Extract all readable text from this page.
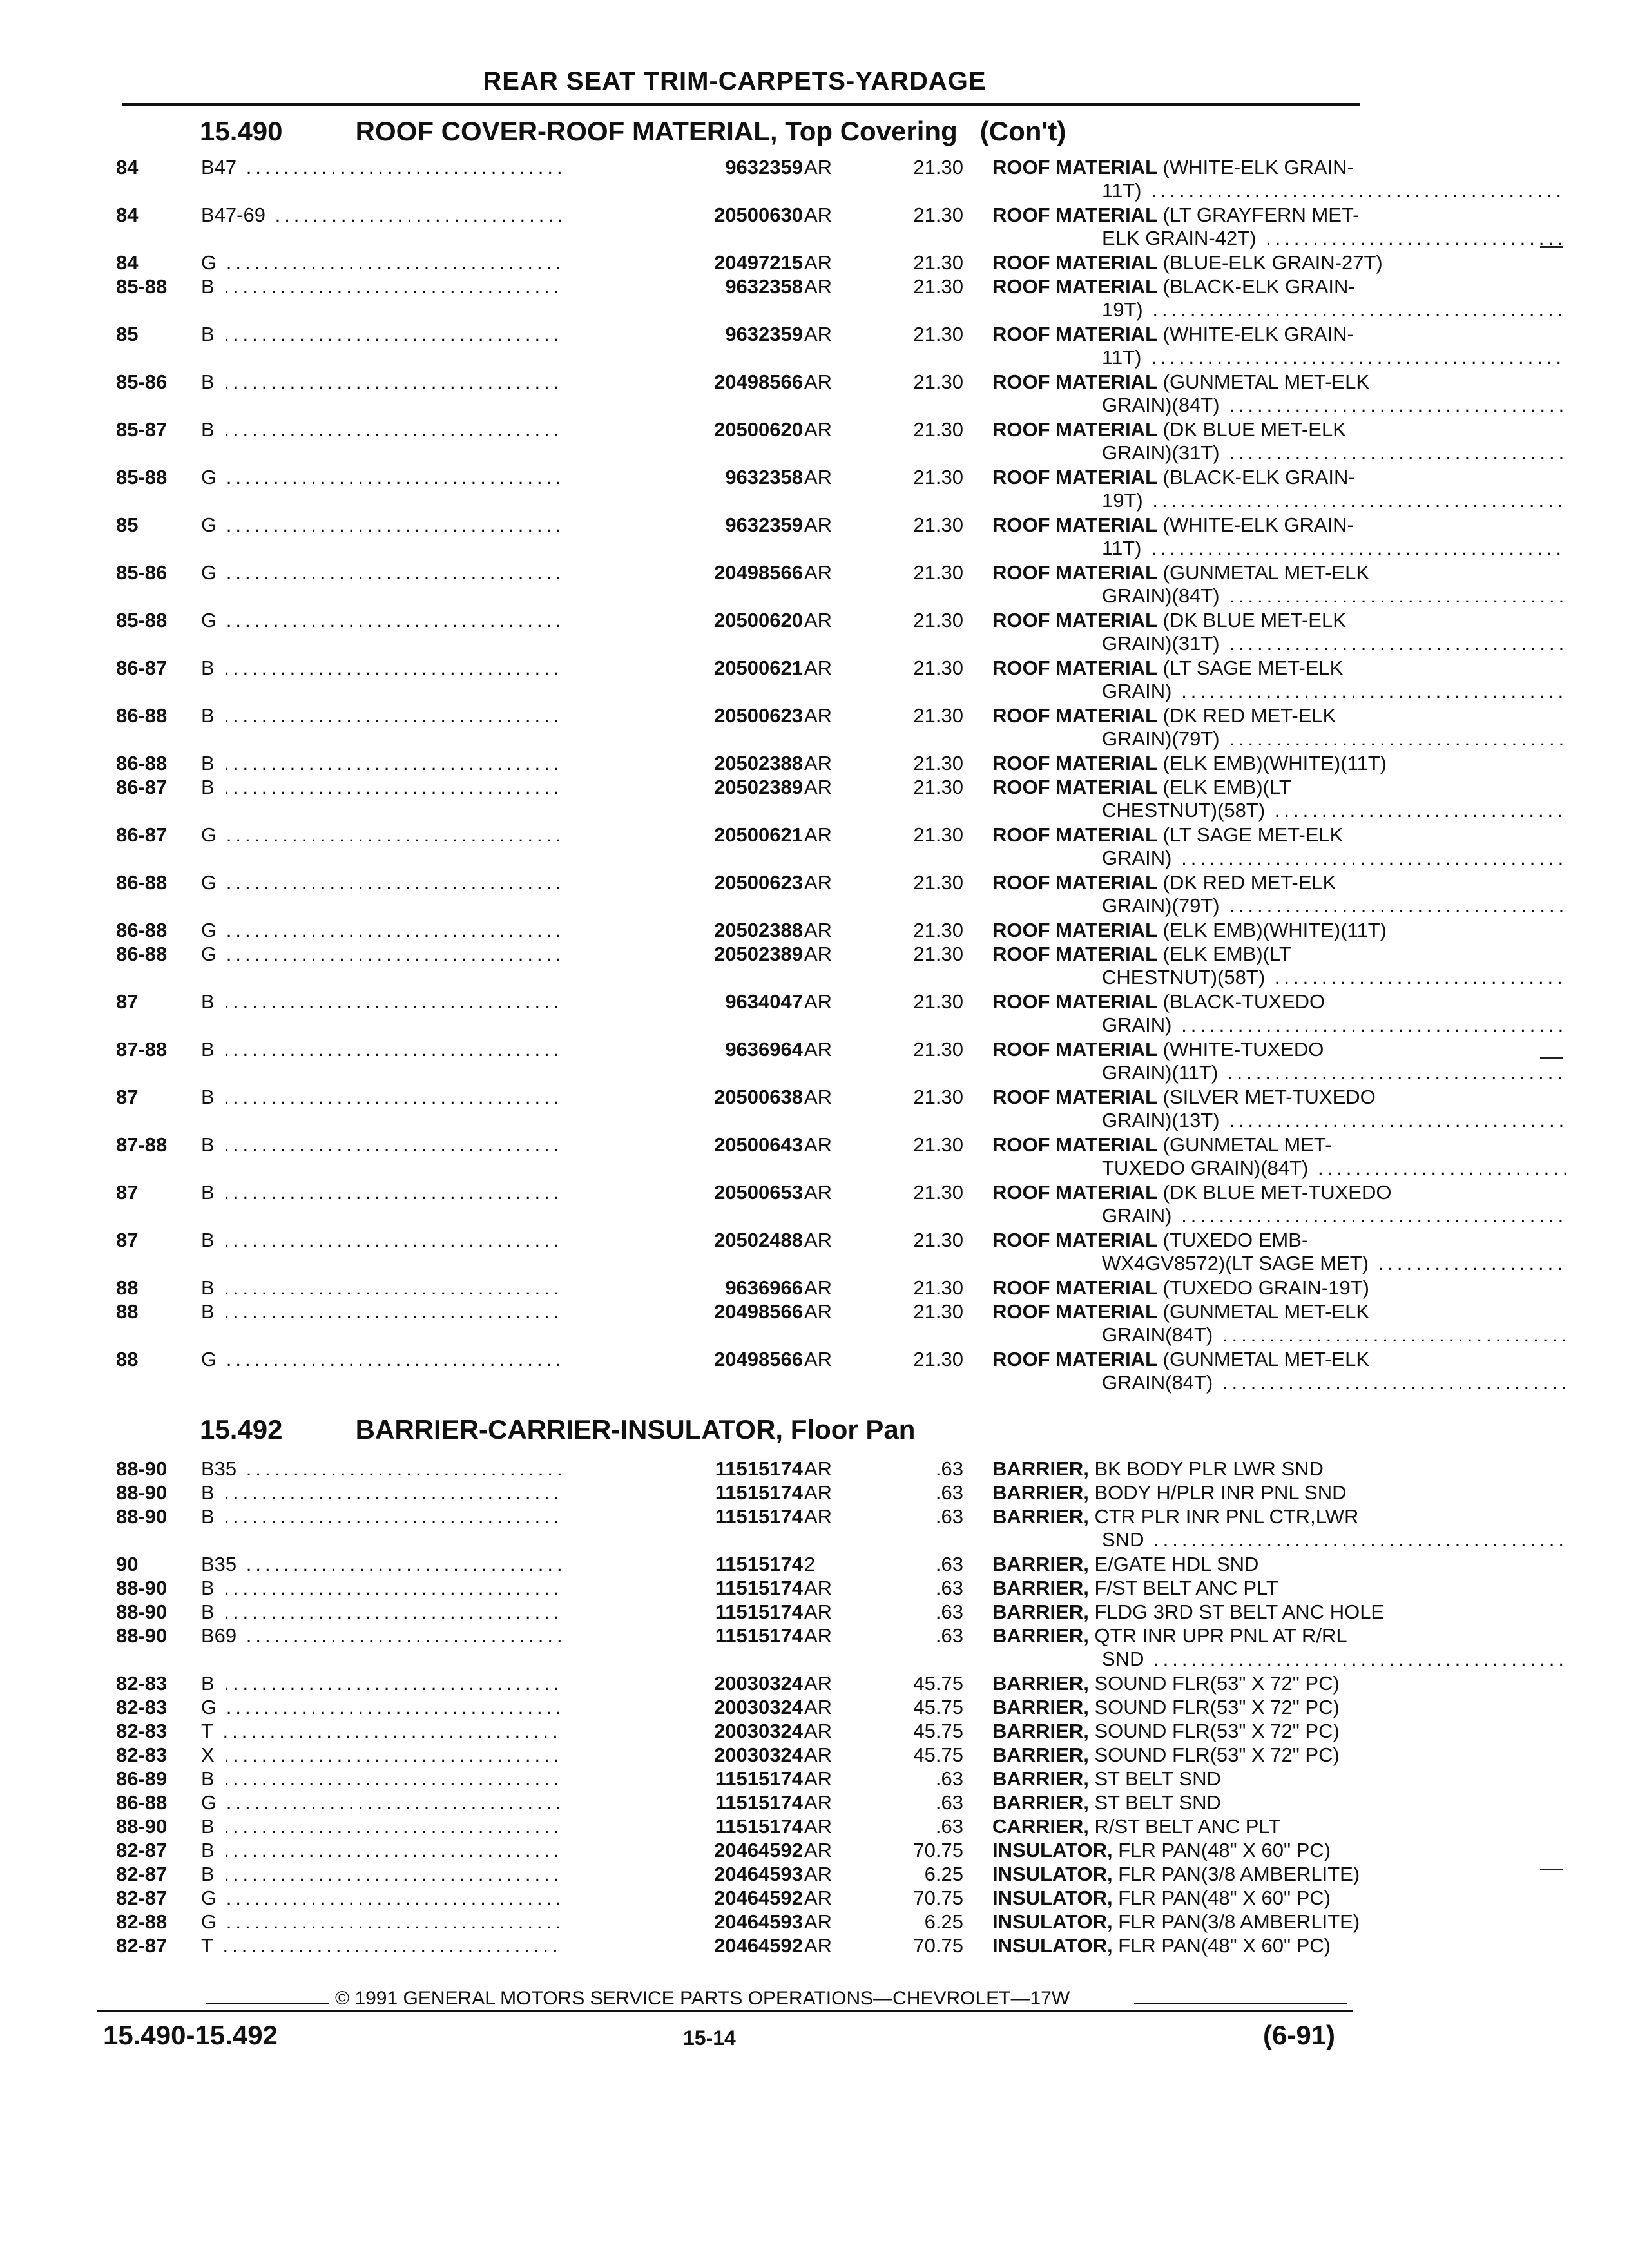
REAR SEAT TRIM-CARPETS-YARDAGE
15.490	ROOF COVER-ROOF MATERIAL, Top Covering (Con't)
84	B47 .....	9632359 AR	21.30 ROOF MATERIAL (WHITE-ELK GRAIN-
11T) .....
84	B47-69 .....	20500630 AR	21.30 ROOF MATERIAL (LT GRAYFERN MET-
ELK GRAIN-42T) .....
84	G .....	20497215 AR	21.30 ROOF MATERIAL (BLUE-ELK GRAIN-27T)
85-88	B .....	9632358 AR	21.30 ROOF MATERIAL (BLACK-ELK GRAIN-
19T) .....
85	B .....	9632359 AR	21.30 ROOF MATERIAL (WHITE-ELK GRAIN-
11T) .....
85-86	B .....	20498566 AR	21.30 ROOF MATERIAL (GUNMETAL MET-ELK
GRAIN)(84T) .....
85-87	B .....	20500620 AR	21.30 ROOF MATERIAL (DK BLUE MET-ELK
GRAIN)(31T) .....
85-88	G .....	9632358 AR	21.30 ROOF MATERIAL (BLACK-ELK GRAIN-
19T) .....
85	G .....	9632359 AR	21.30 ROOF MATERIAL (WHITE-ELK GRAIN-
11T) .....
85-86	G .....	20498566 AR	21.30 ROOF MATERIAL (GUNMETAL MET-ELK
GRAIN)(84T) .....
85-88	G .....	20500620 AR	21.30 ROOF MATERIAL (DK BLUE MET-ELK
GRAIN)(31T) .....
86-87	B .....	20500621 AR	21.30 ROOF MATERIAL (LT SAGE MET-ELK
GRAIN) .....
86-88	B .....	20500623 AR	21.30 ROOF MATERIAL (DK RED MET-ELK
GRAIN)(79T) .....
86-88	B .....	20502388 AR	21.30 ROOF MATERIAL (ELK EMB)(WHITE)(11T)
86-87	B .....	20502389 AR	21.30 ROOF MATERIAL (ELK EMB)(LT
CHESTNUT)(58T) .....
86-87	G .....	20500621 AR	21.30 ROOF MATERIAL (LT SAGE MET-ELK
GRAIN) .....
86-88	G .....	20500623 AR	21.30 ROOF MATERIAL (DK RED MET-ELK
GRAIN)(79T) .....
86-88	G .....	20502388 AR	21.30 ROOF MATERIAL (ELK EMB)(WHITE)(11T)
86-88	G .....	20502389 AR	21.30 ROOF MATERIAL (ELK EMB)(LT
CHESTNUT)(58T) .....
87	B .....	9634047 AR	21.30 ROOF MATERIAL (BLACK-TUXEDO
GRAIN) .....
87-88	B .....	9636964 AR	21.30 ROOF MATERIAL (WHITE-TUXEDO
GRAIN)(11T) .....
87	B .....	20500638 AR	21.30 ROOF MATERIAL (SILVER MET-TUXEDO
GRAIN)(13T) .....
87-88	B .....	20500643 AR	21.30 ROOF MATERIAL (GUNMETAL MET-
TUXEDO GRAIN)(84T) .....
87	B .....	20500653 AR	21.30 ROOF MATERIAL (DK BLUE MET-TUXEDO
GRAIN) .....
87	B .....	20502488 AR	21.30 ROOF MATERIAL (TUXEDO EMB-
WX4GV8572)(LT SAGE MET) .....
88	B .....	9636966 AR	21.30 ROOF MATERIAL (TUXEDO GRAIN-19T)
88	B .....	20498566 AR	21.30 ROOF MATERIAL (GUNMETAL MET-ELK
GRAIN(84T) .....
88	G .....	20498566 AR	21.30 ROOF MATERIAL (GUNMETAL MET-ELK
GRAIN(84T) .....
15.492	BARRIER-CARRIER-INSULATOR, Floor Pan
88-90	B35 .....	11515174 AR	.63 BARRIER, BK BODY PLR LWR SND
88-90	B .....	11515174 AR	.63 BARRIER, BODY H/PLR INR PNL SND
88-90	B .....	11515174 AR	.63 BARRIER, CTR PLR INR PNL CTR,LWR
SND .....
90	B35 .....	11515174 2	.63 BARRIER, E/GATE HDL SND
88-90	B .....	11515174 AR	.63 BARRIER, F/ST BELT ANC PLT
88-90	B .....	11515174 AR	.63 BARRIER, FLDG 3RD ST BELT ANC HOLE
88-90	B69 .....	11515174 AR	.63 BARRIER, QTR INR UPR PNL AT R/RL
SND .....
82-83	B .....	20030324 AR	45.75 BARRIER, SOUND FLR(53" X 72" PC)
82-83	G .....	20030324 AR	45.75 BARRIER, SOUND FLR(53" X 72" PC)
82-83	T .....	20030324 AR	45.75 BARRIER, SOUND FLR(53" X 72" PC)
82-83	X .....	20030324 AR	45.75 BARRIER, SOUND FLR(53" X 72" PC)
86-89	B .....	11515174 AR	.63 BARRIER, ST BELT SND
86-88	G .....	11515174 AR	.63 BARRIER, ST BELT SND
88-90	B .....	11515174 AR	.63 CARRIER, R/ST BELT ANC PLT
82-87	B .....	20464592 AR	70.75 INSULATOR, FLR PAN(48" X 60" PC)
82-87	B .....	20464593 AR	6.25 INSULATOR, FLR PAN(3/8 AMBERLITE)
82-87	G .....	20464592 AR	70.75 INSULATOR, FLR PAN(48" X 60" PC)
82-88	G .....	20464593 AR	6.25 INSULATOR, FLR PAN(3/8 AMBERLITE)
82-87	T .....	20464592 AR	70.75 INSULATOR, FLR PAN(48" X 60" PC)
© 1991 GENERAL MOTORS SERVICE PARTS OPERATIONS—CHEVROLET—17W
15.490-15.492	15-14	(6-91)
